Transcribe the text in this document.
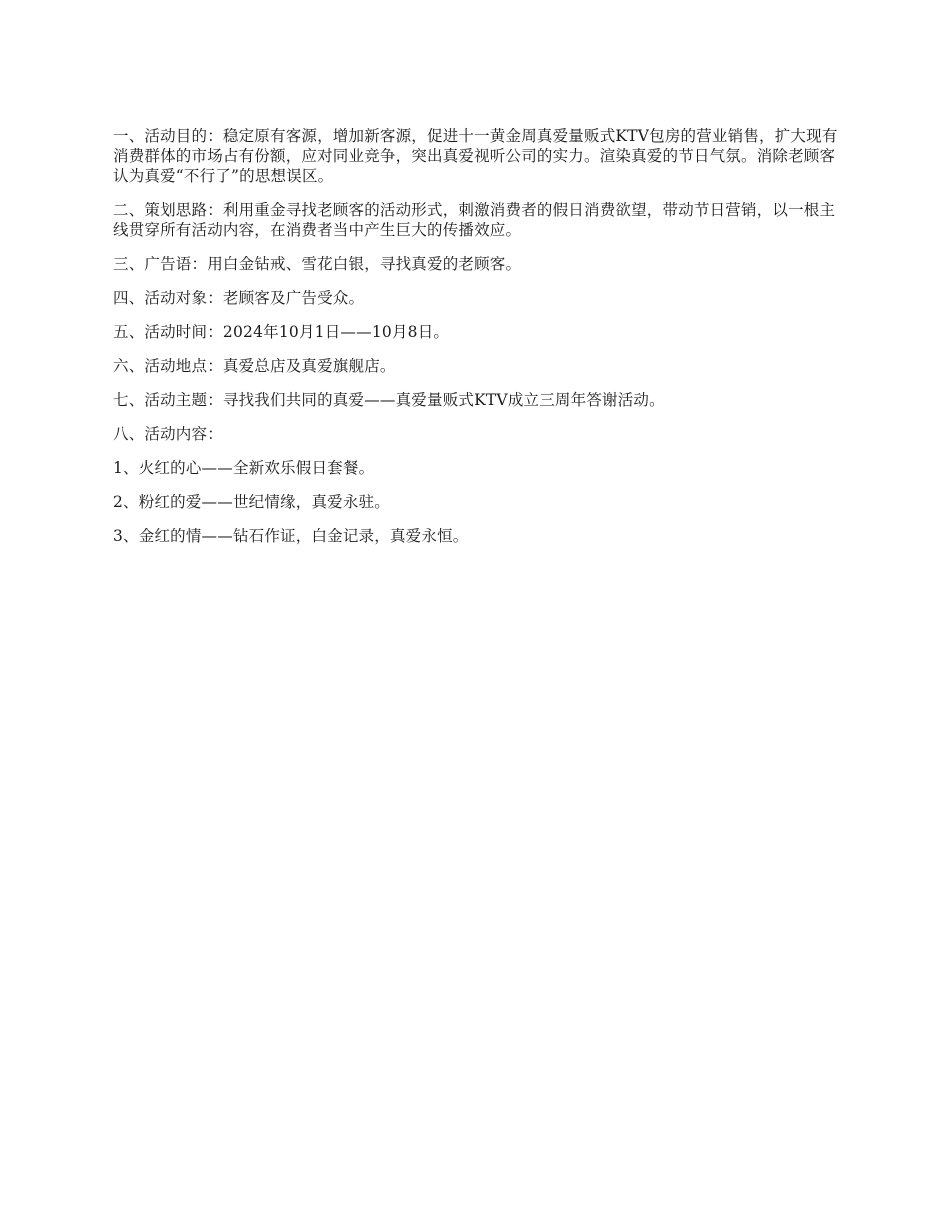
一、活动目的：稳定原有客源，增加新客源，促进十一黄金周真爱量贩式KTV包房的营业销售，扩大现有消费群体的市场占有份额，应对同业竞争，突出真爱视听公司的实力。渲染真爱的节日气氛。消除老顾客认为真爱“不行了”的思想误区。

二、策划思路：利用重金寻找老顾客的活动形式，刺激消费者的假日消费欲望，带动节日营销，以一根主线贯穿所有活动内容，在消费者当中产生巨大的传播效应。

三、广告语：用白金钻戒、雪花白银，寻找真爱的老顾客。

四、活动对象：老顾客及广告受众。

五、活动时间：2024年10月1日——10月8日。

六、活动地点：真爱总店及真爱旗舰店。

七、活动主题：寻找我们共同的真爱——真爱量贩式KTV成立三周年答谢活动。

八、活动内容：

1、火红的心——全新欢乐假日套餐。

2、粉红的爱——世纪情缘，真爱永驻。

3、金红的情——钻石作证，白金记录，真爱永恒。
